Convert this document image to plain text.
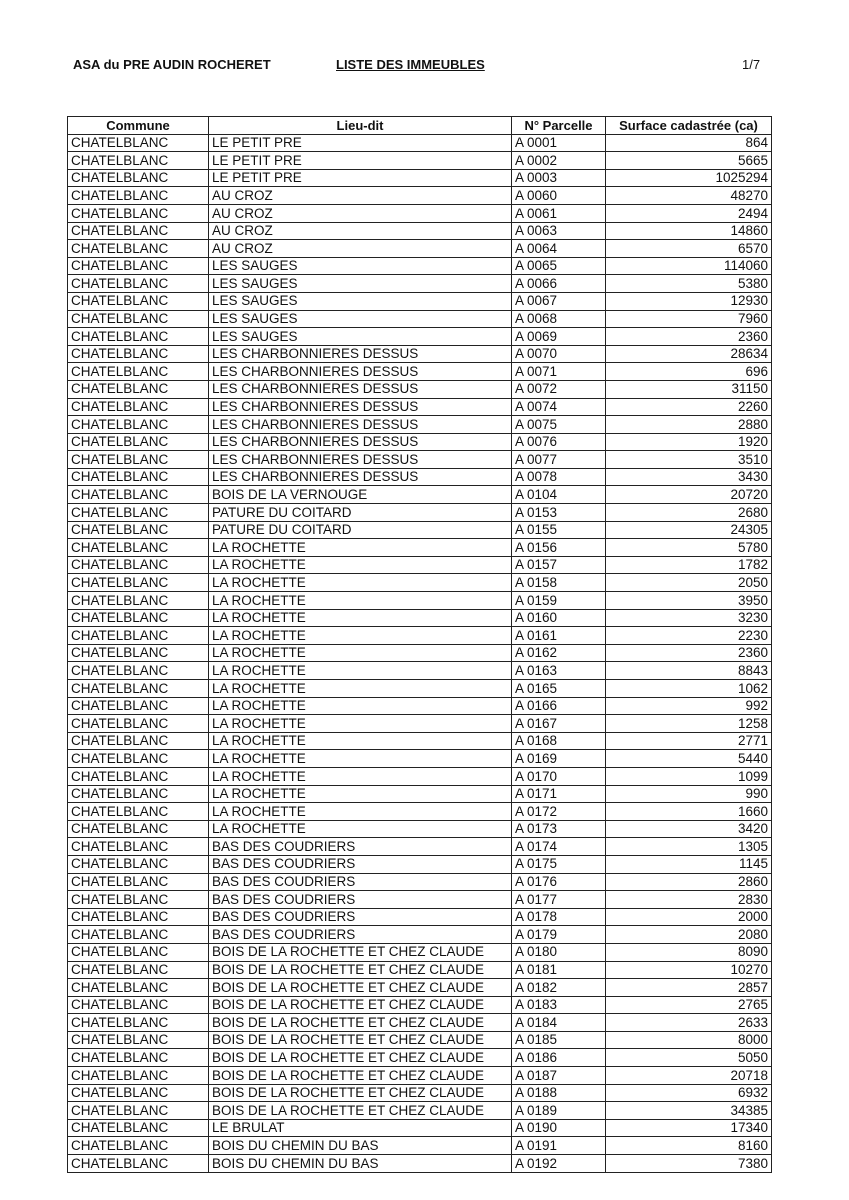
ASA du PRE AUDIN ROCHERET	LISTE DES IMMEUBLES	1/7
Commune	Lieu-dit	N° Parcelle	Surface cadastrée (ca)
CHATELBLANC	LE PETIT PRE	A 0001	864
CHATELBLANC	LE PETIT PRE	A 0002	5665
CHATELBLANC	LE PETIT PRE	A 0003	1025294
CHATELBLANC	AU CROZ	A 0060	48270
CHATELBLANC	AU CROZ	A 0061	2494
CHATELBLANC	AU CROZ	A 0063	14860
CHATELBLANC	AU CROZ	A 0064	6570
CHATELBLANC	LES SAUGES	A 0065	114060
CHATELBLANC	LES SAUGES	A 0066	5380
CHATELBLANC	LES SAUGES	A 0067	12930
CHATELBLANC	LES SAUGES	A 0068	7960
CHATELBLANC	LES SAUGES	A 0069	2360
CHATELBLANC	LES CHARBONNIERES DESSUS	A 0070	28634
CHATELBLANC	LES CHARBONNIERES DESSUS	A 0071	696
CHATELBLANC	LES CHARBONNIERES DESSUS	A 0072	31150
CHATELBLANC	LES CHARBONNIERES DESSUS	A 0074	2260
CHATELBLANC	LES CHARBONNIERES DESSUS	A 0075	2880
CHATELBLANC	LES CHARBONNIERES DESSUS	A 0076	1920
CHATELBLANC	LES CHARBONNIERES DESSUS	A 0077	3510
CHATELBLANC	LES CHARBONNIERES DESSUS	A 0078	3430
CHATELBLANC	BOIS DE LA VERNOUGE	A 0104	20720
CHATELBLANC	PATURE DU COITARD	A 0153	2680
CHATELBLANC	PATURE DU COITARD	A 0155	24305
CHATELBLANC	LA ROCHETTE	A 0156	5780
CHATELBLANC	LA ROCHETTE	A 0157	1782
CHATELBLANC	LA ROCHETTE	A 0158	2050
CHATELBLANC	LA ROCHETTE	A 0159	3950
CHATELBLANC	LA ROCHETTE	A 0160	3230
CHATELBLANC	LA ROCHETTE	A 0161	2230
CHATELBLANC	LA ROCHETTE	A 0162	2360
CHATELBLANC	LA ROCHETTE	A 0163	8843
CHATELBLANC	LA ROCHETTE	A 0165	1062
CHATELBLANC	LA ROCHETTE	A 0166	992
CHATELBLANC	LA ROCHETTE	A 0167	1258
CHATELBLANC	LA ROCHETTE	A 0168	2771
CHATELBLANC	LA ROCHETTE	A 0169	5440
CHATELBLANC	LA ROCHETTE	A 0170	1099
CHATELBLANC	LA ROCHETTE	A 0171	990
CHATELBLANC	LA ROCHETTE	A 0172	1660
CHATELBLANC	LA ROCHETTE	A 0173	3420
CHATELBLANC	BAS DES COUDRIERS	A 0174	1305
CHATELBLANC	BAS DES COUDRIERS	A 0175	1145
CHATELBLANC	BAS DES COUDRIERS	A 0176	2860
CHATELBLANC	BAS DES COUDRIERS	A 0177	2830
CHATELBLANC	BAS DES COUDRIERS	A 0178	2000
CHATELBLANC	BAS DES COUDRIERS	A 0179	2080
CHATELBLANC	BOIS DE LA ROCHETTE ET CHEZ CLAUDE	A 0180	8090
CHATELBLANC	BOIS DE LA ROCHETTE ET CHEZ CLAUDE	A 0181	10270
CHATELBLANC	BOIS DE LA ROCHETTE ET CHEZ CLAUDE	A 0182	2857
CHATELBLANC	BOIS DE LA ROCHETTE ET CHEZ CLAUDE	A 0183	2765
CHATELBLANC	BOIS DE LA ROCHETTE ET CHEZ CLAUDE	A 0184	2633
CHATELBLANC	BOIS DE LA ROCHETTE ET CHEZ CLAUDE	A 0185	8000
CHATELBLANC	BOIS DE LA ROCHETTE ET CHEZ CLAUDE	A 0186	5050
CHATELBLANC	BOIS DE LA ROCHETTE ET CHEZ CLAUDE	A 0187	20718
CHATELBLANC	BOIS DE LA ROCHETTE ET CHEZ CLAUDE	A 0188	6932
CHATELBLANC	BOIS DE LA ROCHETTE ET CHEZ CLAUDE	A 0189	34385
CHATELBLANC	LE BRULAT	A 0190	17340
CHATELBLANC	BOIS DU CHEMIN DU BAS	A 0191	8160
CHATELBLANC	BOIS DU CHEMIN DU BAS	A 0192	7380
